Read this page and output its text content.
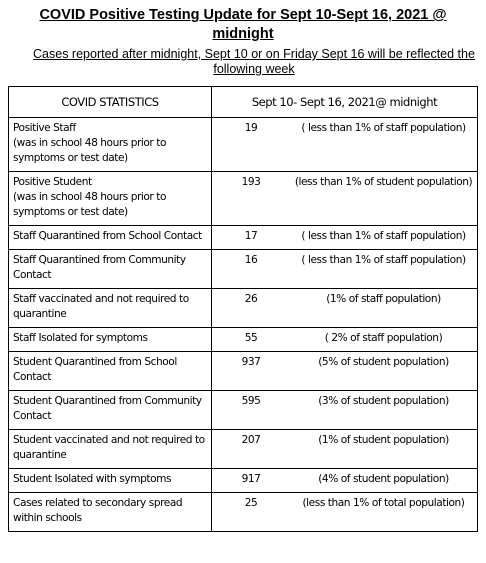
COVID Positive Testing Update for Sept 10-Sept 16, 2021 @ midnight
Cases reported after midnight, Sept 10 or on Friday Sept 16 will be reflected the following week
COVID STATISTICS	Sept 10- Sept 16, 2021@ midnight	

Positive Staff
(was in school 48 hours prior to symptoms or test date)	19	( less than 1% of staff population)

Positive Student
(was in school 48 hours prior to symptoms or test date)	193	(less than 1% of student population)
Staff Quarantined from School Contact	17	( less than 1% of staff population)
Staff Quarantined from Community Contact	16	( less than 1% of staff population)
Staff vaccinated and not required to quarantine	26	(1% of staff population)
Staff Isolated for symptoms	55	( 2% of staff population)
Student Quarantined from School Contact	937	(5% of student population)
Student Quarantined from Community Contact	595	(3% of student population)
Student vaccinated and not required to quarantine	207	(1% of student population)
Student Isolated with symptoms	917	(4% of student population)
Cases related to secondary spread within schools	25	(less than 1% of total population)
